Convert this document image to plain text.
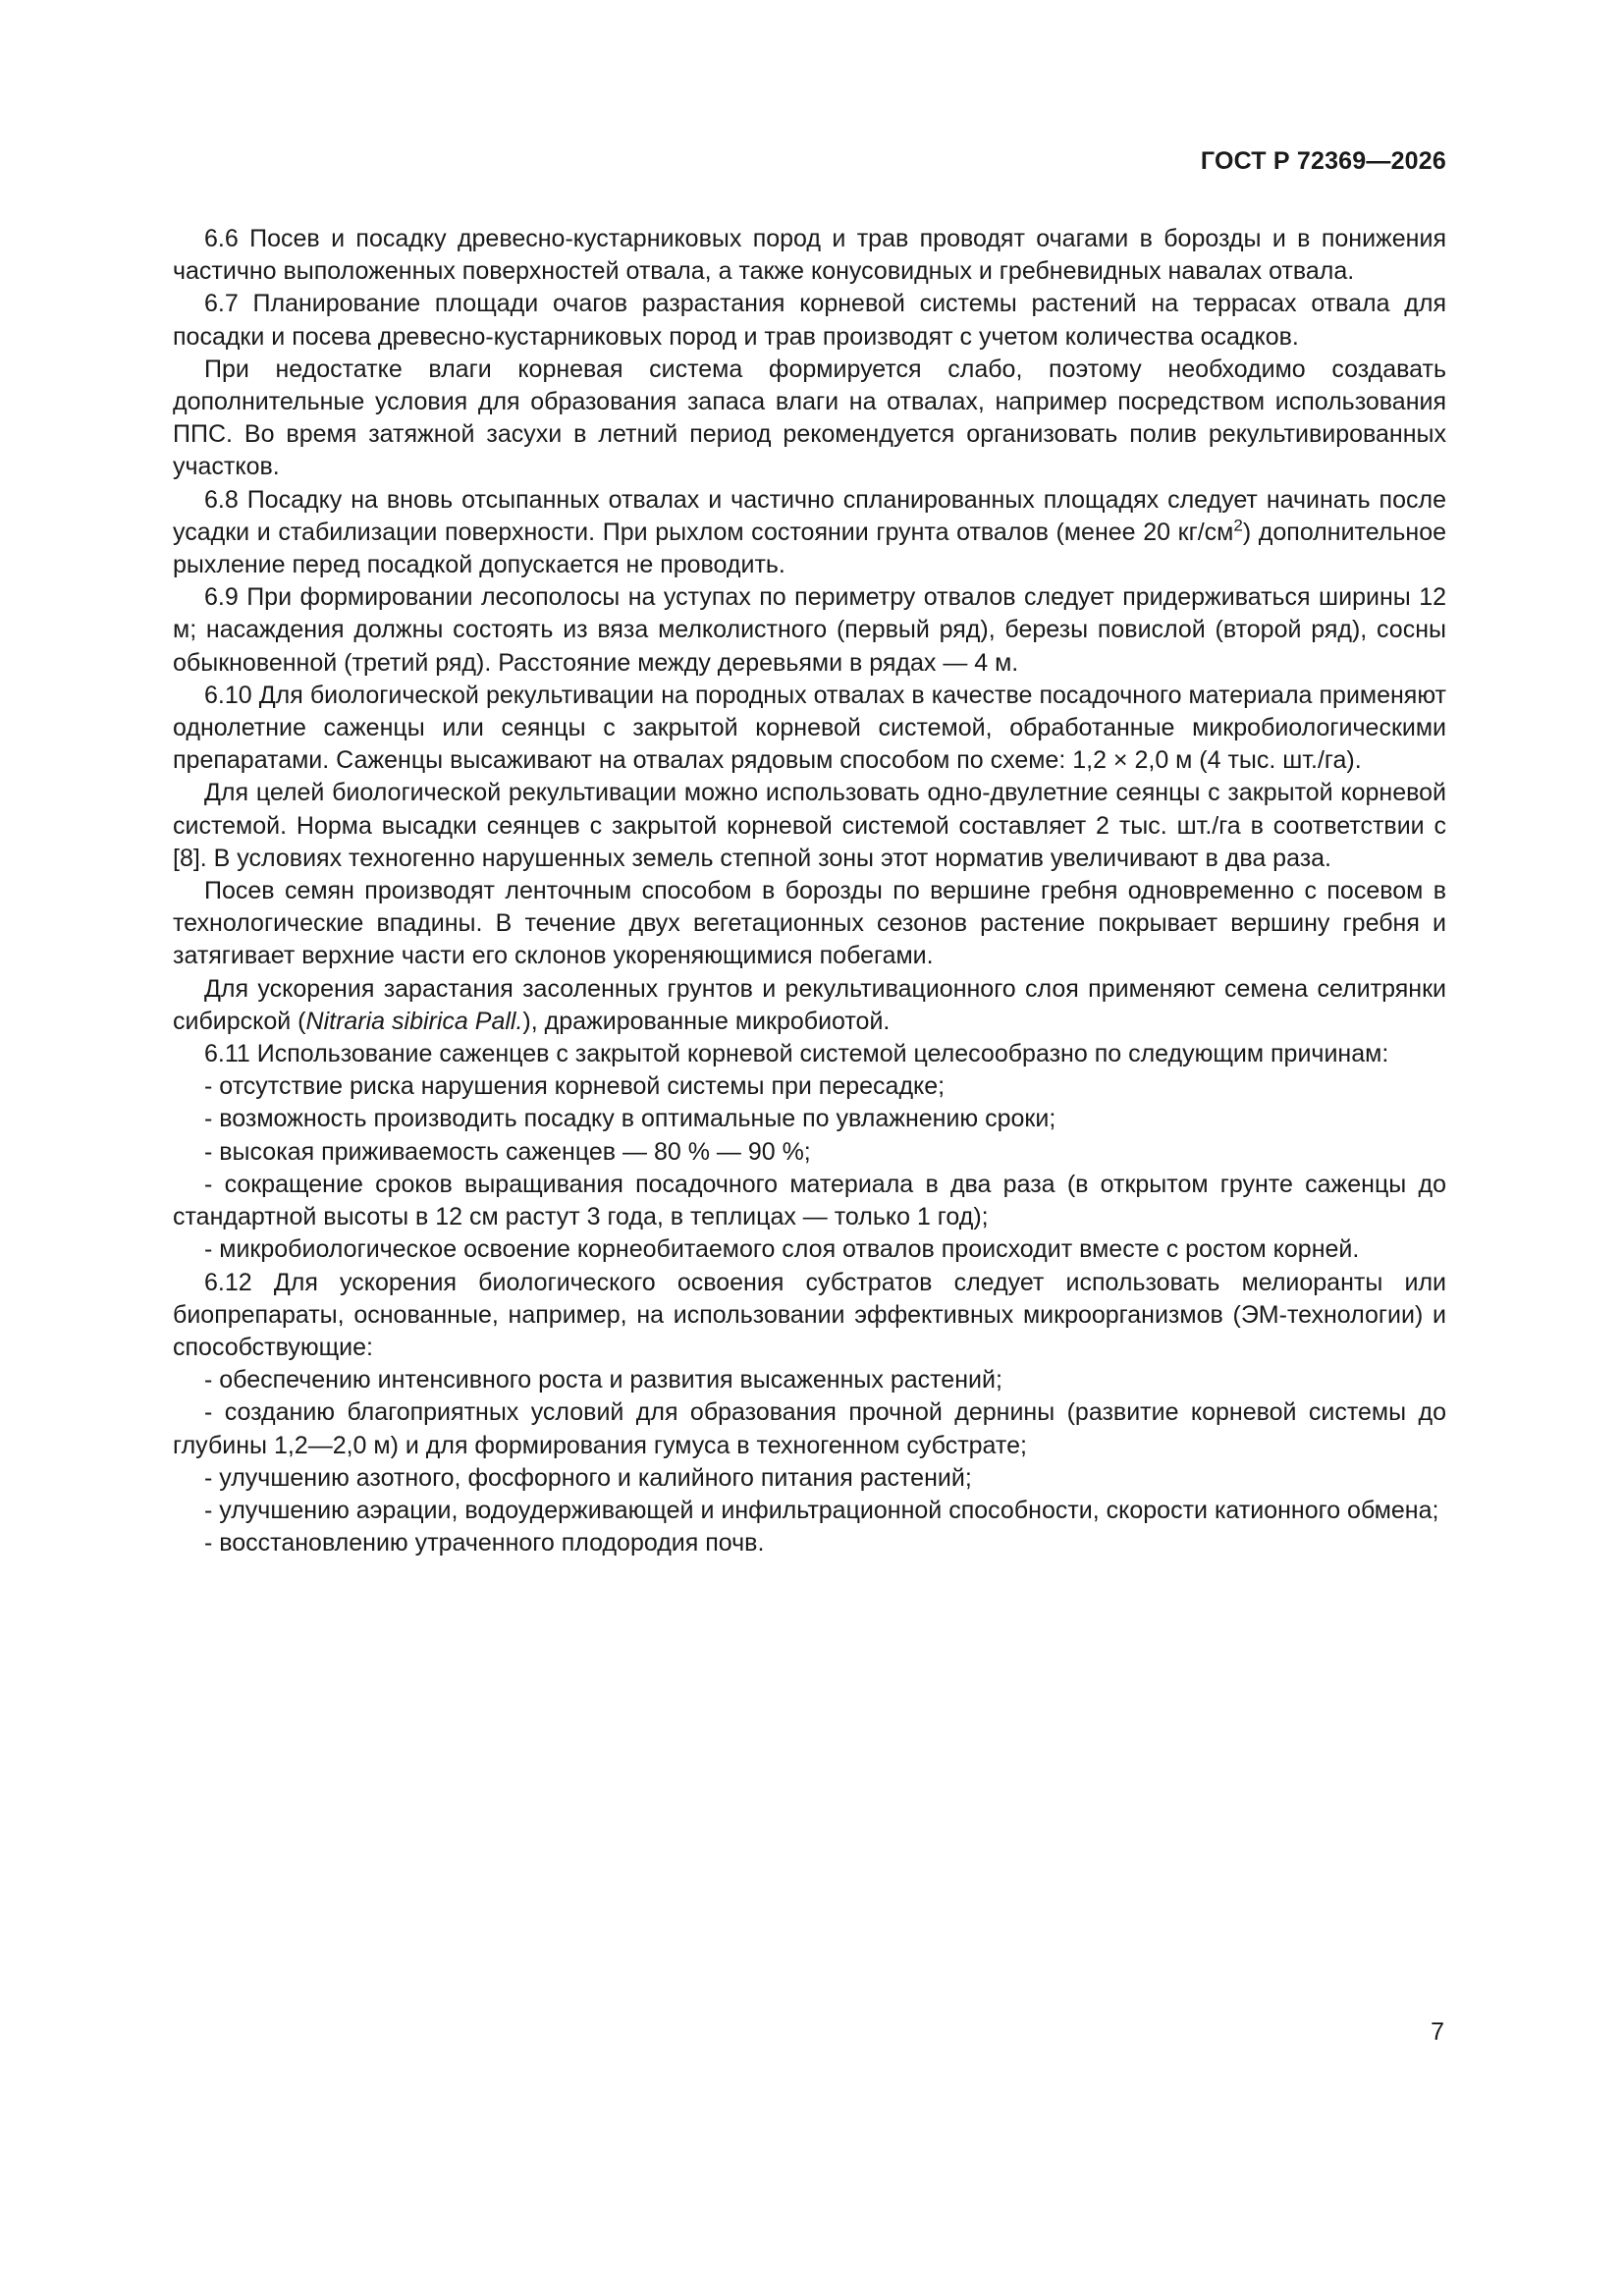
ГОСТ Р 72369—2026

6.6 Посев и посадку древесно-кустарниковых пород и трав проводят очагами в борозды и в понижения частично выположенных поверхностей отвала, а также конусовидных и гребневидных навалах отвала.

6.7 Планирование площади очагов разрастания корневой системы растений на террасах отвала для посадки и посева древесно-кустарниковых пород и трав производят с учетом количества осадков.

При недостатке влаги корневая система формируется слабо, поэтому необходимо создавать дополнительные условия для образования запаса влаги на отвалах, например посредством использования ППС. Во время затяжной засухи в летний период рекомендуется организовать полив рекультивированных участков.

6.8 Посадку на вновь отсыпанных отвалах и частично спланированных площадях следует начинать после усадки и стабилизации поверхности. При рыхлом состоянии грунта отвалов (менее 20 $кг/см^2$) дополнительное рыхление перед посадкой допускается не проводить.

6.9 При формировании лесополосы на уступах по периметру отвалов следует придерживаться ширины 12 м; насаждения должны состоять из вяза мелколистного (первый ряд), березы повислой (второй ряд), сосны обыкновенной (третий ряд). Расстояние между деревьями в рядах — 4 м.

6.10 Для биологической рекультивации на породных отвалах в качестве посадочного материала применяют однолетние саженцы или сеянцы с закрытой корневой системой, обработанные микробиологическими препаратами. Саженцы высаживают на отвалах рядовым способом по схеме: 1,2 × 2,0 м (4 тыс. шт./га).

Для целей биологической рекультивации можно использовать одно-двулетние сеянцы с закрытой корневой системой. Норма высадки сеянцев с закрытой корневой системой составляет 2 тыс. шт./га в соответствии с [8]. В условиях техногенно нарушенных земель степной зоны этот норматив увеличивают в два раза.

Посев семян производят ленточным способом в борозды по вершине гребня одновременно с посевом в технологические впадины. В течение двух вегетационных сезонов растение покрывает вершину гребня и затягивает верхние части его склонов укореняющимися побегами.

Для ускорения зарастания засоленных грунтов и рекультивационного слоя применяют семена селитрянки сибирской (Nitraria sibirica Pall.), дражированные микробиотой.

6.11 Использование саженцев с закрытой корневой системой целесообразно по следующим причинам:

- отсутствие риска нарушения корневой системы при пересадке;

- возможность производить посадку в оптимальные по увлажнению сроки;

- высокая приживаемость саженцев — 80 % — 90 %;

- сокращение сроков выращивания посадочного материала в два раза (в открытом грунте саженцы до стандартной высоты в 12 см растут 3 года, в теплицах — только 1 год);

- микробиологическое освоение корнеобитаемого слоя отвалов происходит вместе с ростом корней.

6.12 Для ускорения биологического освоения субстратов следует использовать мелиоранты или биопрепараты, основанные, например, на использовании эффективных микроорганизмов (ЭМ-технологии) и способствующие:

- обеспечению интенсивного роста и развития высаженных растений;

- созданию благоприятных условий для образования прочной дернины (развитие корневой системы до глубины 1,2—2,0 м) и для формирования гумуса в техногенном субстрате;

- улучшению азотного, фосфорного и калийного питания растений;

- улучшению аэрации, водоудерживающей и инфильтрационной способности, скорости катионного обмена;

- восстановлению утраченного плодородия почв.

7
